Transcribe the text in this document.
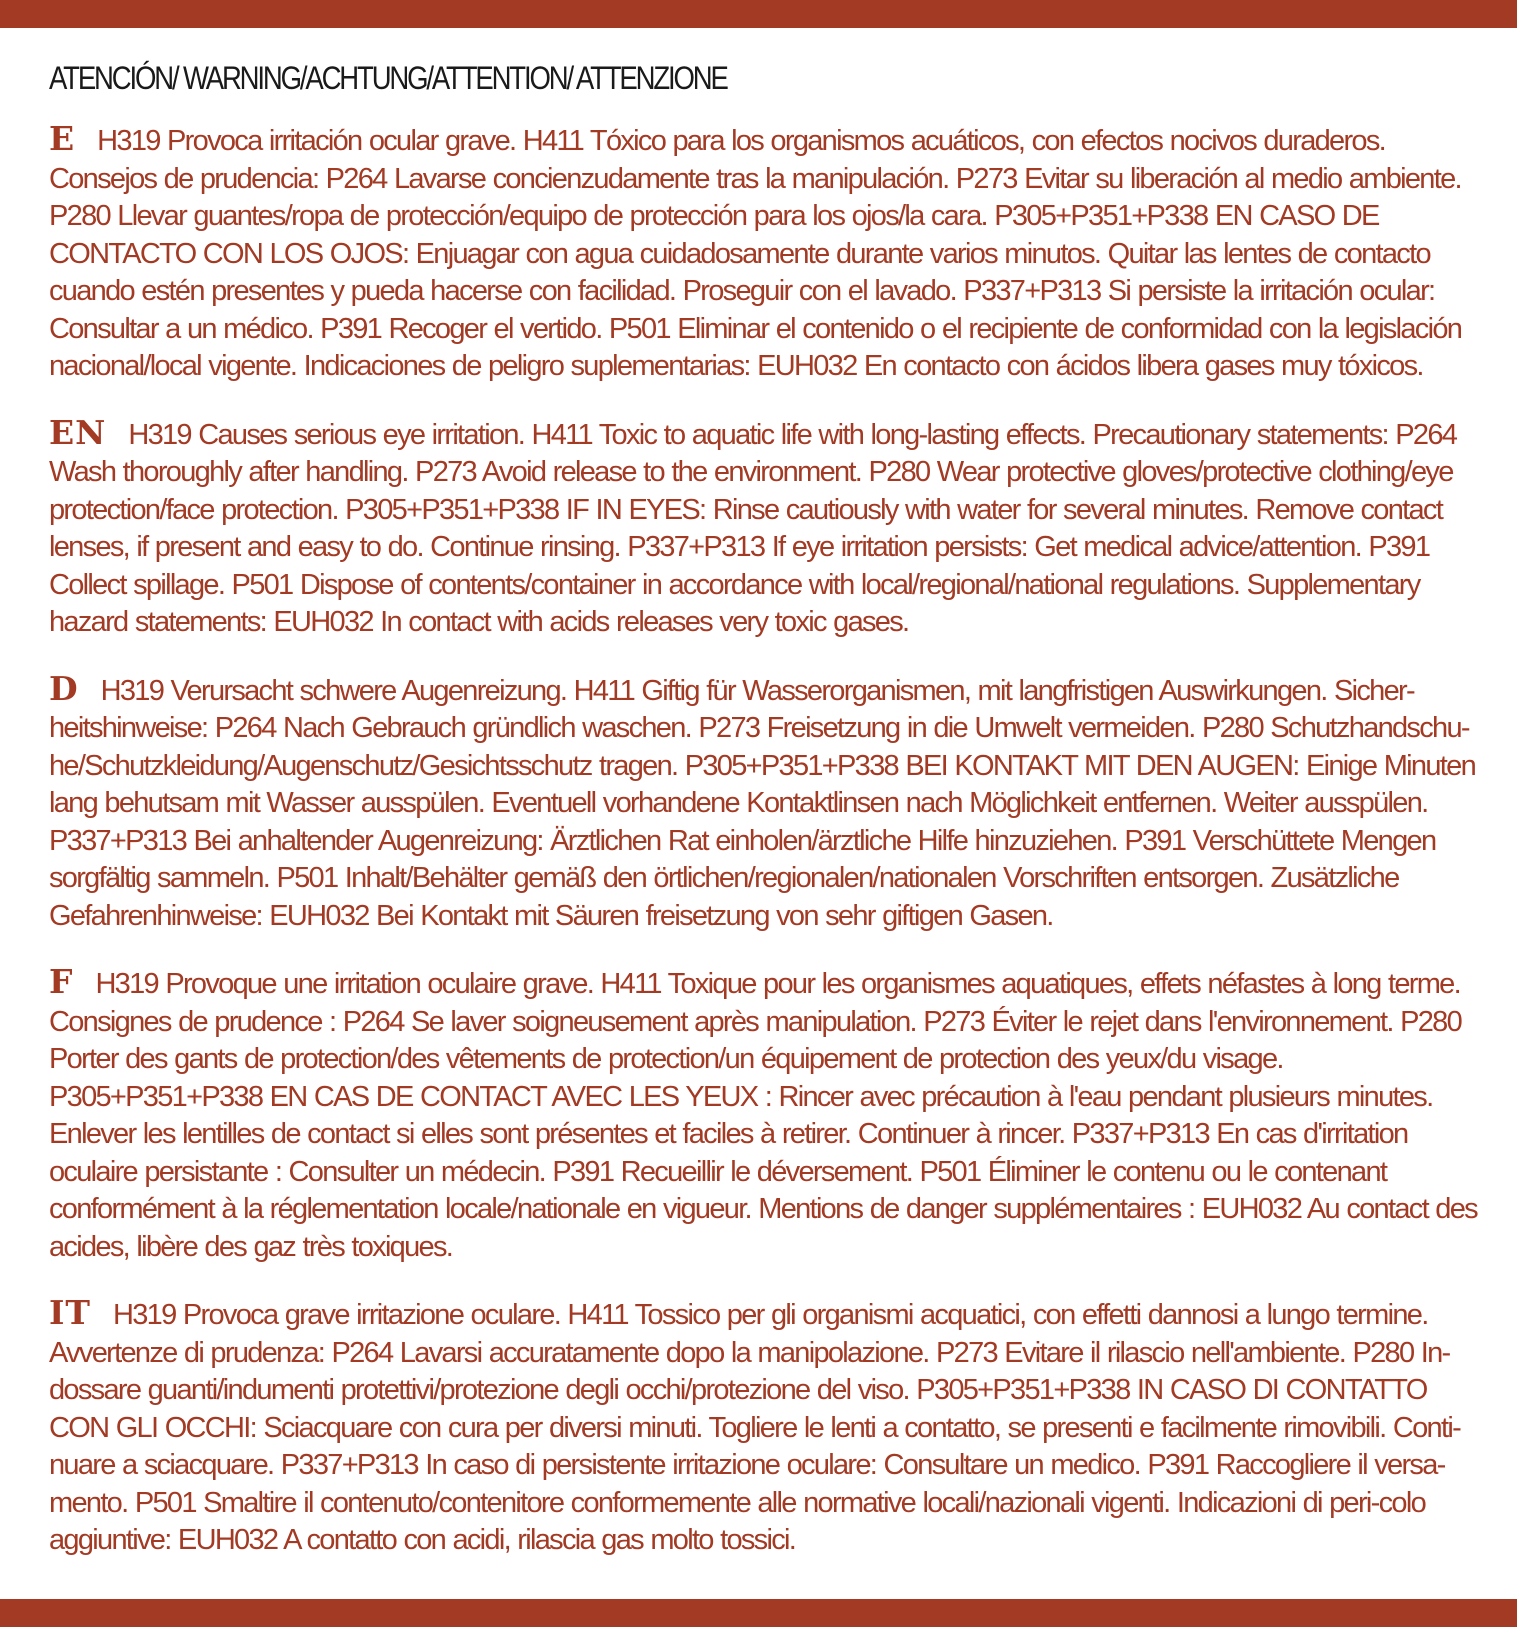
ATENCIÓN/ WARNING/ACHTUNG/ATTENTION/ ATTENZIONE

E H319 Provoca irritación ocular grave. H411 Tóxico para los organismos acuáticos, con efectos nocivos duraderos. Consejos de prudencia: P264 Lavarse concienzudamente tras la manipulación. P273 Evitar su liberación al medio ambiente. P280 Llevar guantes/ropa de protección/equipo de protección para los ojos/la cara. P305+P351+P338 EN CASO DE CONTACTO CON LOS OJOS: Enjuagar con agua cuidadosamente durante varios minutos. Quitar las lentes de contacto cuando estén presentes y pueda hacerse con facilidad. Proseguir con el lavado. P337+P313 Si persiste la irritación ocular: Consultar a un médico. P391 Recoger el vertido. P501 Eliminar el contenido o el recipiente de conformidad con la legislación nacional/local vigente. Indicaciones de peligro suplementarias: EUH032 En contacto con ácidos libera gases muy tóxicos.

EN H319 Causes serious eye irritation. H411 Toxic to aquatic life with long-lasting effects. Precautionary statements: P264 Wash thoroughly after handling. P273 Avoid release to the environment. P280 Wear protective gloves/protective clothing/eye protection/face protection. P305+P351+P338 IF IN EYES: Rinse cautiously with water for several minutes. Remove contact lenses, if present and easy to do. Continue rinsing. P337+P313 If eye irritation persists: Get medical advice/attention. P391 Collect spillage. P501 Dispose of contents/container in accordance with local/regional/national regulations. Supplementary hazard statements: EUH032 In contact with acids releases very toxic gases.

D H319 Verursacht schwere Augenreizung. H411 Giftig für Wasserorganismen, mit langfristigen Auswirkungen. Sicher-heitshinweise: P264 Nach Gebrauch gründlich waschen. P273 Freisetzung in die Umwelt vermeiden. P280 Schutzhandschu-he/Schutzkleidung/Augenschutz/Gesichtsschutz tragen. P305+P351+P338 BEI KONTAKT MIT DEN AUGEN: Einige Minuten lang behutsam mit Wasser ausspülen. Eventuell vorhandene Kontaktlinsen nach Möglichkeit entfernen. Weiter ausspülen. P337+P313 Bei anhaltender Augenreizung: Ärztlichen Rat einholen/ärztliche Hilfe hinzuziehen. P391 Verschüttete Mengen sorgfältig sammeln. P501 Inhalt/Behälter gemäß den örtlichen/regionalen/nationalen Vorschriften entsorgen. Zusätzliche Gefahrenhinweise: EUH032 Bei Kontakt mit Säuren freisetzung von sehr giftigen Gasen.

F H319 Provoque une irritation oculaire grave. H411 Toxique pour les organismes aquatiques, effets néfastes à long terme. Consignes de prudence : P264 Se laver soigneusement après manipulation. P273 Éviter le rejet dans l'environnement. P280 Porter des gants de protection/des vêtements de protection/un équipement de protection des yeux/du visage. P305+P351+P338 EN CAS DE CONTACT AVEC LES YEUX : Rincer avec précaution à l'eau pendant plusieurs minutes. Enlever les lentilles de contact si elles sont présentes et faciles à retirer. Continuer à rincer. P337+P313 En cas d'irritation oculaire persistante : Consulter un médecin. P391 Recueillir le déversement. P501 Éliminer le contenu ou le contenant conformément à la réglementation locale/nationale en vigueur. Mentions de danger supplémentaires : EUH032 Au contact des acides, libère des gaz très toxiques.

IT H319 Provoca grave irritazione oculare. H411 Tossico per gli organismi acquatici, con effetti dannosi a lungo termine. Avvertenze di prudenza: P264 Lavarsi accuratamente dopo la manipolazione. P273 Evitare il rilascio nell'ambiente. P280 In-dossare guanti/indumenti protettivi/protezione degli occhi/protezione del viso. P305+P351+P338 IN CASO DI CONTATTO CON GLI OCCHI: Sciacquare con cura per diversi minuti. Togliere le lenti a contatto, se presenti e facilmente rimovibili. Conti-nuare a sciacquare. P337+P313 In caso di persistente irritazione oculare: Consultare un medico. P391 Raccogliere il versa-mento. P501 Smaltire il contenuto/contenitore conformemente alle normative locali/nazionali vigenti. Indicazioni di peri-colo aggiuntive: EUH032 A contatto con acidi, rilascia gas molto tossici.
